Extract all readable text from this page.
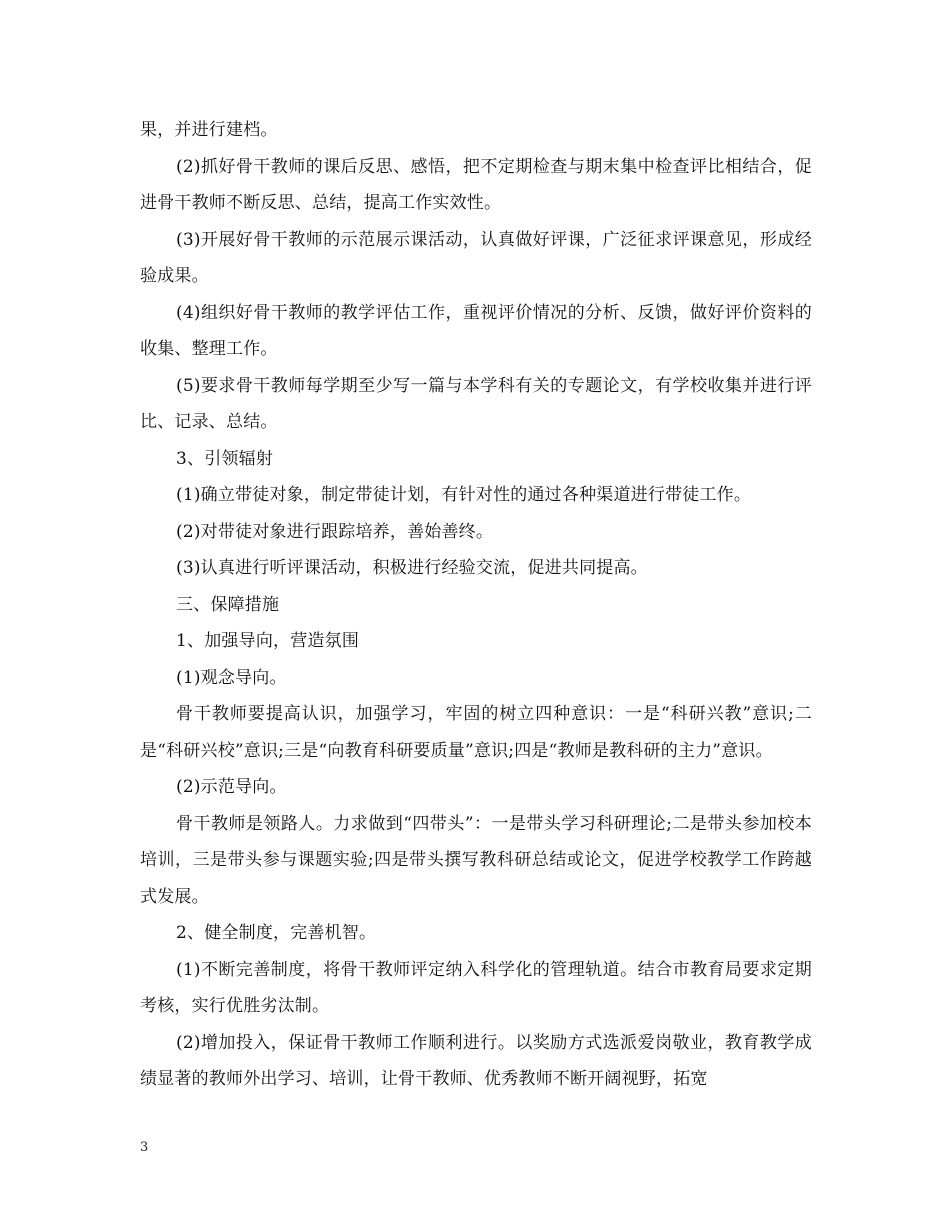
果，并进行建档。

(2)抓好骨干教师的课后反思、感悟，把不定期检查与期末集中检查评比相结合，促进骨干教师不断反思、总结，提高工作实效性。

(3)开展好骨干教师的示范展示课活动，认真做好评课，广泛征求评课意见，形成经验成果。

(4)组织好骨干教师的教学评估工作，重视评价情况的分析、反馈，做好评价资料的收集、整理工作。

(5)要求骨干教师每学期至少写一篇与本学科有关的专题论文，有学校收集并进行评比、记录、总结。

3、引领辐射

(1)确立带徒对象，制定带徒计划，有针对性的通过各种渠道进行带徒工作。

(2)对带徒对象进行跟踪培养，善始善终。

(3)认真进行听评课活动，积极进行经验交流，促进共同提高。

三、保障措施

1、加强导向，营造氛围

(1)观念导向。

骨干教师要提高认识，加强学习，牢固的树立四种意识：一是“科研兴教”意识;二是“科研兴校”意识;三是“向教育科研要质量”意识;四是“教师是教科研的主力”意识。

(2)示范导向。

骨干教师是领路人。力求做到“四带头”：一是带头学习科研理论;二是带头参加校本培训，三是带头参与课题实验;四是带头撰写教科研总结或论文，促进学校教学工作跨越式发展。

2、健全制度，完善机智。

(1)不断完善制度，将骨干教师评定纳入科学化的管理轨道。结合市教育局要求定期考核，实行优胜劣汰制。

(2)增加投入，保证骨干教师工作顺利进行。以奖励方式选派爱岗敬业，教育教学成绩显著的教师外出学习、培训，让骨干教师、优秀教师不断开阔视野，拓宽

3
